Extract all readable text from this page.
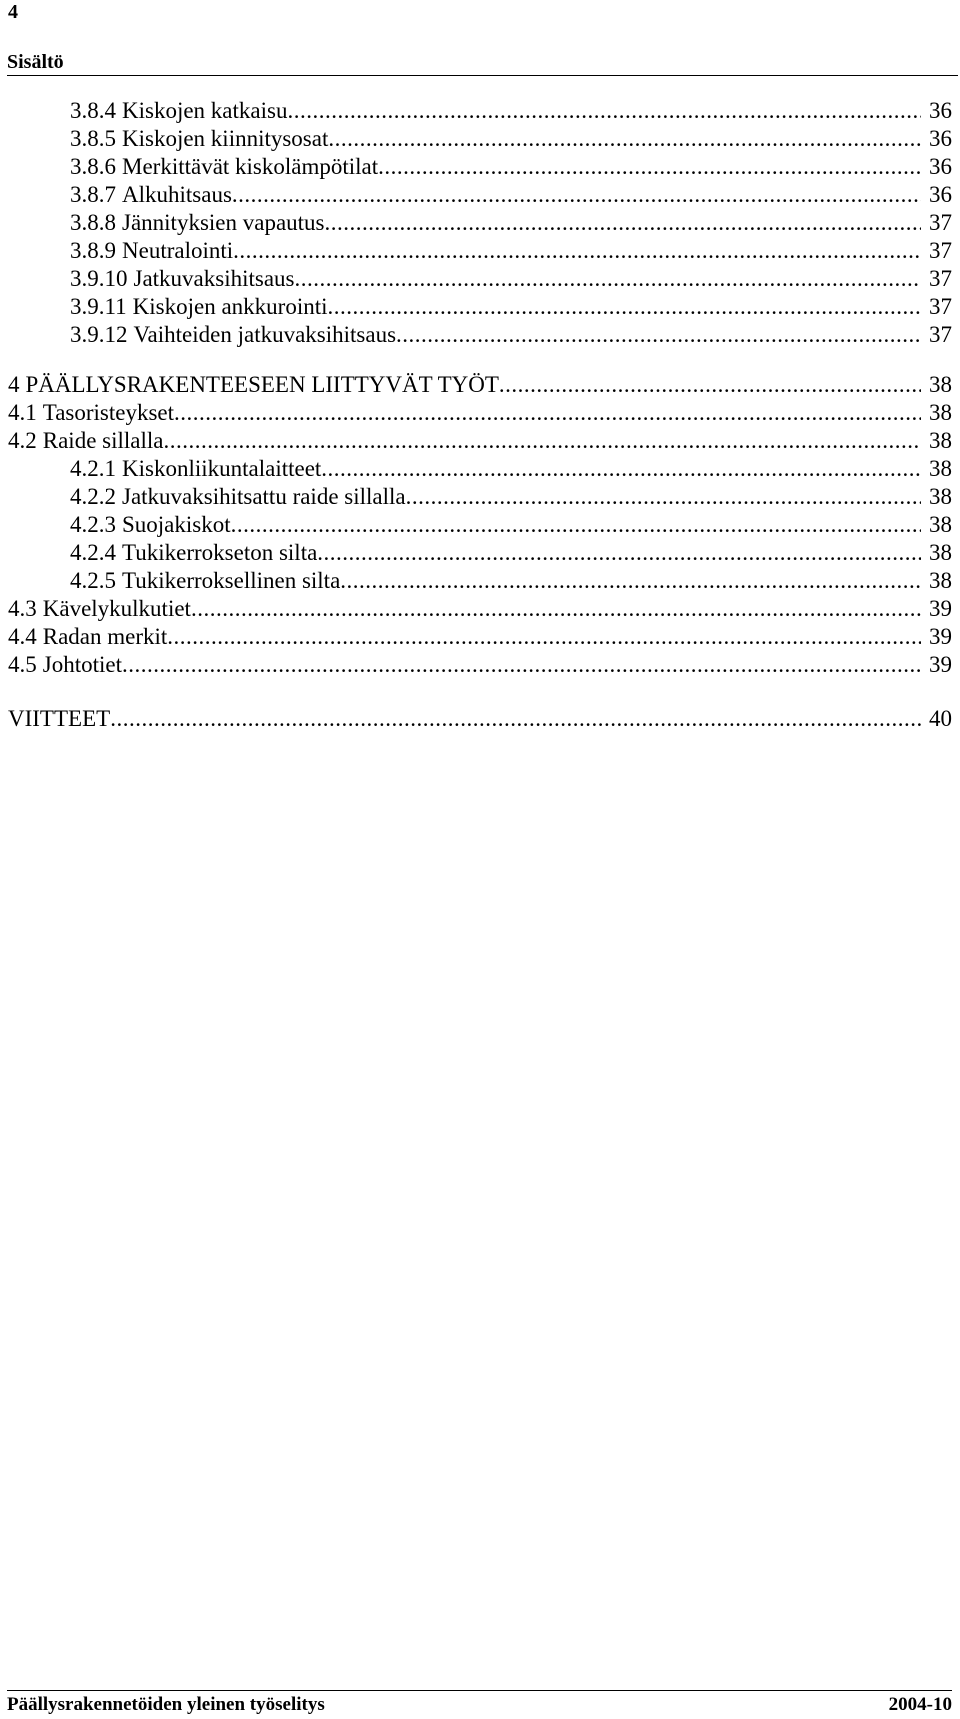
4
Sisältö
3.8.4 Kiskojen katkaisu .....	36
3.8.5 Kiskojen kiinnitysosat .....	36
3.8.6 Merkittävät kiskolämpötilat .....	36
3.8.7 Alkuhitsaus .....	36
3.8.8 Jännityksien vapautus .....	37
3.8.9 Neutralointi .....	37
3.9.10 Jatkuvaksihitsaus .....	37
3.9.11 Kiskojen ankkurointi .....	37
3.9.12 Vaihteiden jatkuvaksihitsaus .....	37
4 PÄÄLLYSRAKENTEESEEN LIITTYVÄT TYÖT .....	38
4.1 Tasoristeykset .....	38
4.2 Raide sillalla .....	38
4.2.1 Kiskonliikuntalaitteet .....	38
4.2.2 Jatkuvaksihitsattu raide sillalla .....	38
4.2.3 Suojakiskot .....	38
4.2.4 Tukikerrokseton silta .....	38
4.2.5 Tukikerroksellinen silta .....	38
4.3 Kävelykulkutiet .....	39
4.4 Radan merkit .....	39
4.5 Johtotiet .....	39
VIITTEET .....	40
Päällysrakennetöiden yleinen työselitys	2004-10
